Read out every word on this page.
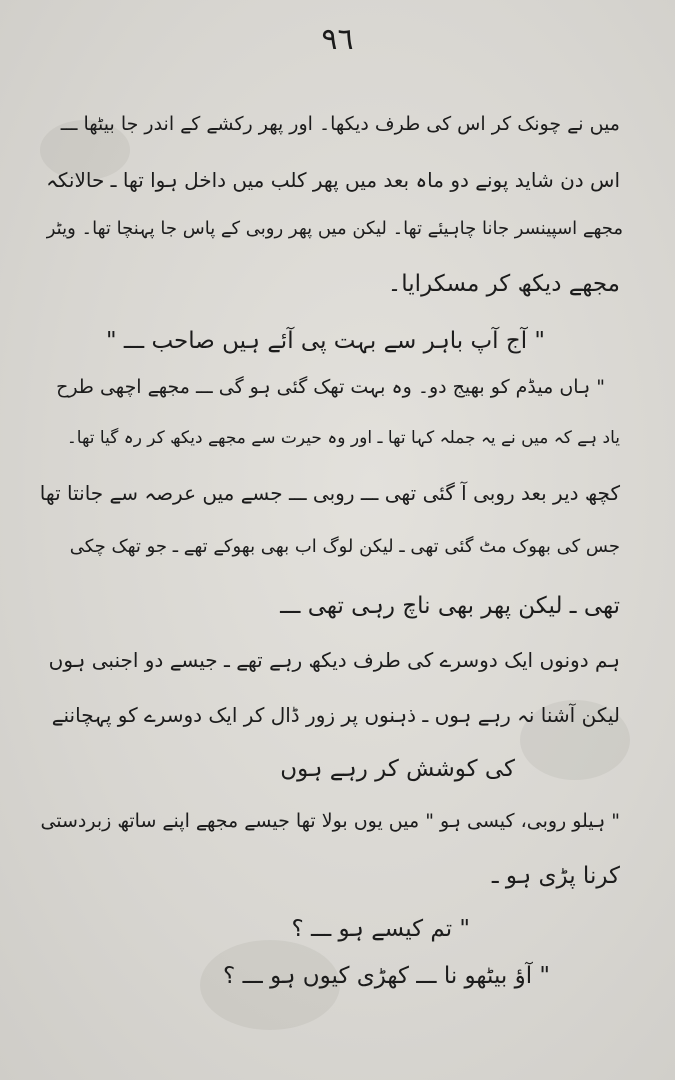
٩٦
میں نے چونک کر اس کی طرف دیکھا۔ اور پھر رکشے کے اندر جا بیٹھا ـــ
اس دن شاید پونے دو ماہ بعد میں پھر کلب میں داخل ہوا تھا ـ حالانکہ
مجھے اسپینسر جانا چاہیئے تھا۔ لیکن میں پھر روبی کے پاس جا پہنچا تھا۔ ویٹر
مجھے دیکھ کر مسکرایا۔
" آج آپ باہر سے بہت پی آئے ہیں صاحب ـــ "
" ہاں میڈم کو بھیج دو۔ وہ بہت تھک گئی ہو گی ـــ مجھے اچھی طرح
یاد ہے کہ میں نے یہ جملہ کہا تھا ـ اور وہ حیرت سے مجھے دیکھ کر رہ گیا تھا۔
کچھ دیر بعد روبی آ گئی تھی ـــ روبی ـــ جسے میں عرصہ سے جانتا تھا
جس کی بھوک مٹ گئی تھی ـ لیکن لوگ اب بھی بھوکے تھے ـ جو تھک چکی
تھی ـ لیکن پھر بھی ناچ رہی تھی ـــ
ہم دونوں ایک دوسرے کی طرف دیکھ رہے تھے ـ جیسے دو اجنبی ہوں
لیکن آشنا نہ رہے ہوں ـ ذہنوں پر زور ڈال کر ایک دوسرے کو پہچاننے
کی کوشش کر رہے ہوں
" ہیلو روبی، کیسی ہو " میں یوں بولا تھا جیسے مجھے اپنے ساتھ زبردستی
کرنا پڑی ہو ـ
" تم کیسے ہو ـــ ؟
" آؤ بیٹھو نا ـــ کھڑی کیوں ہو ـــ ؟
